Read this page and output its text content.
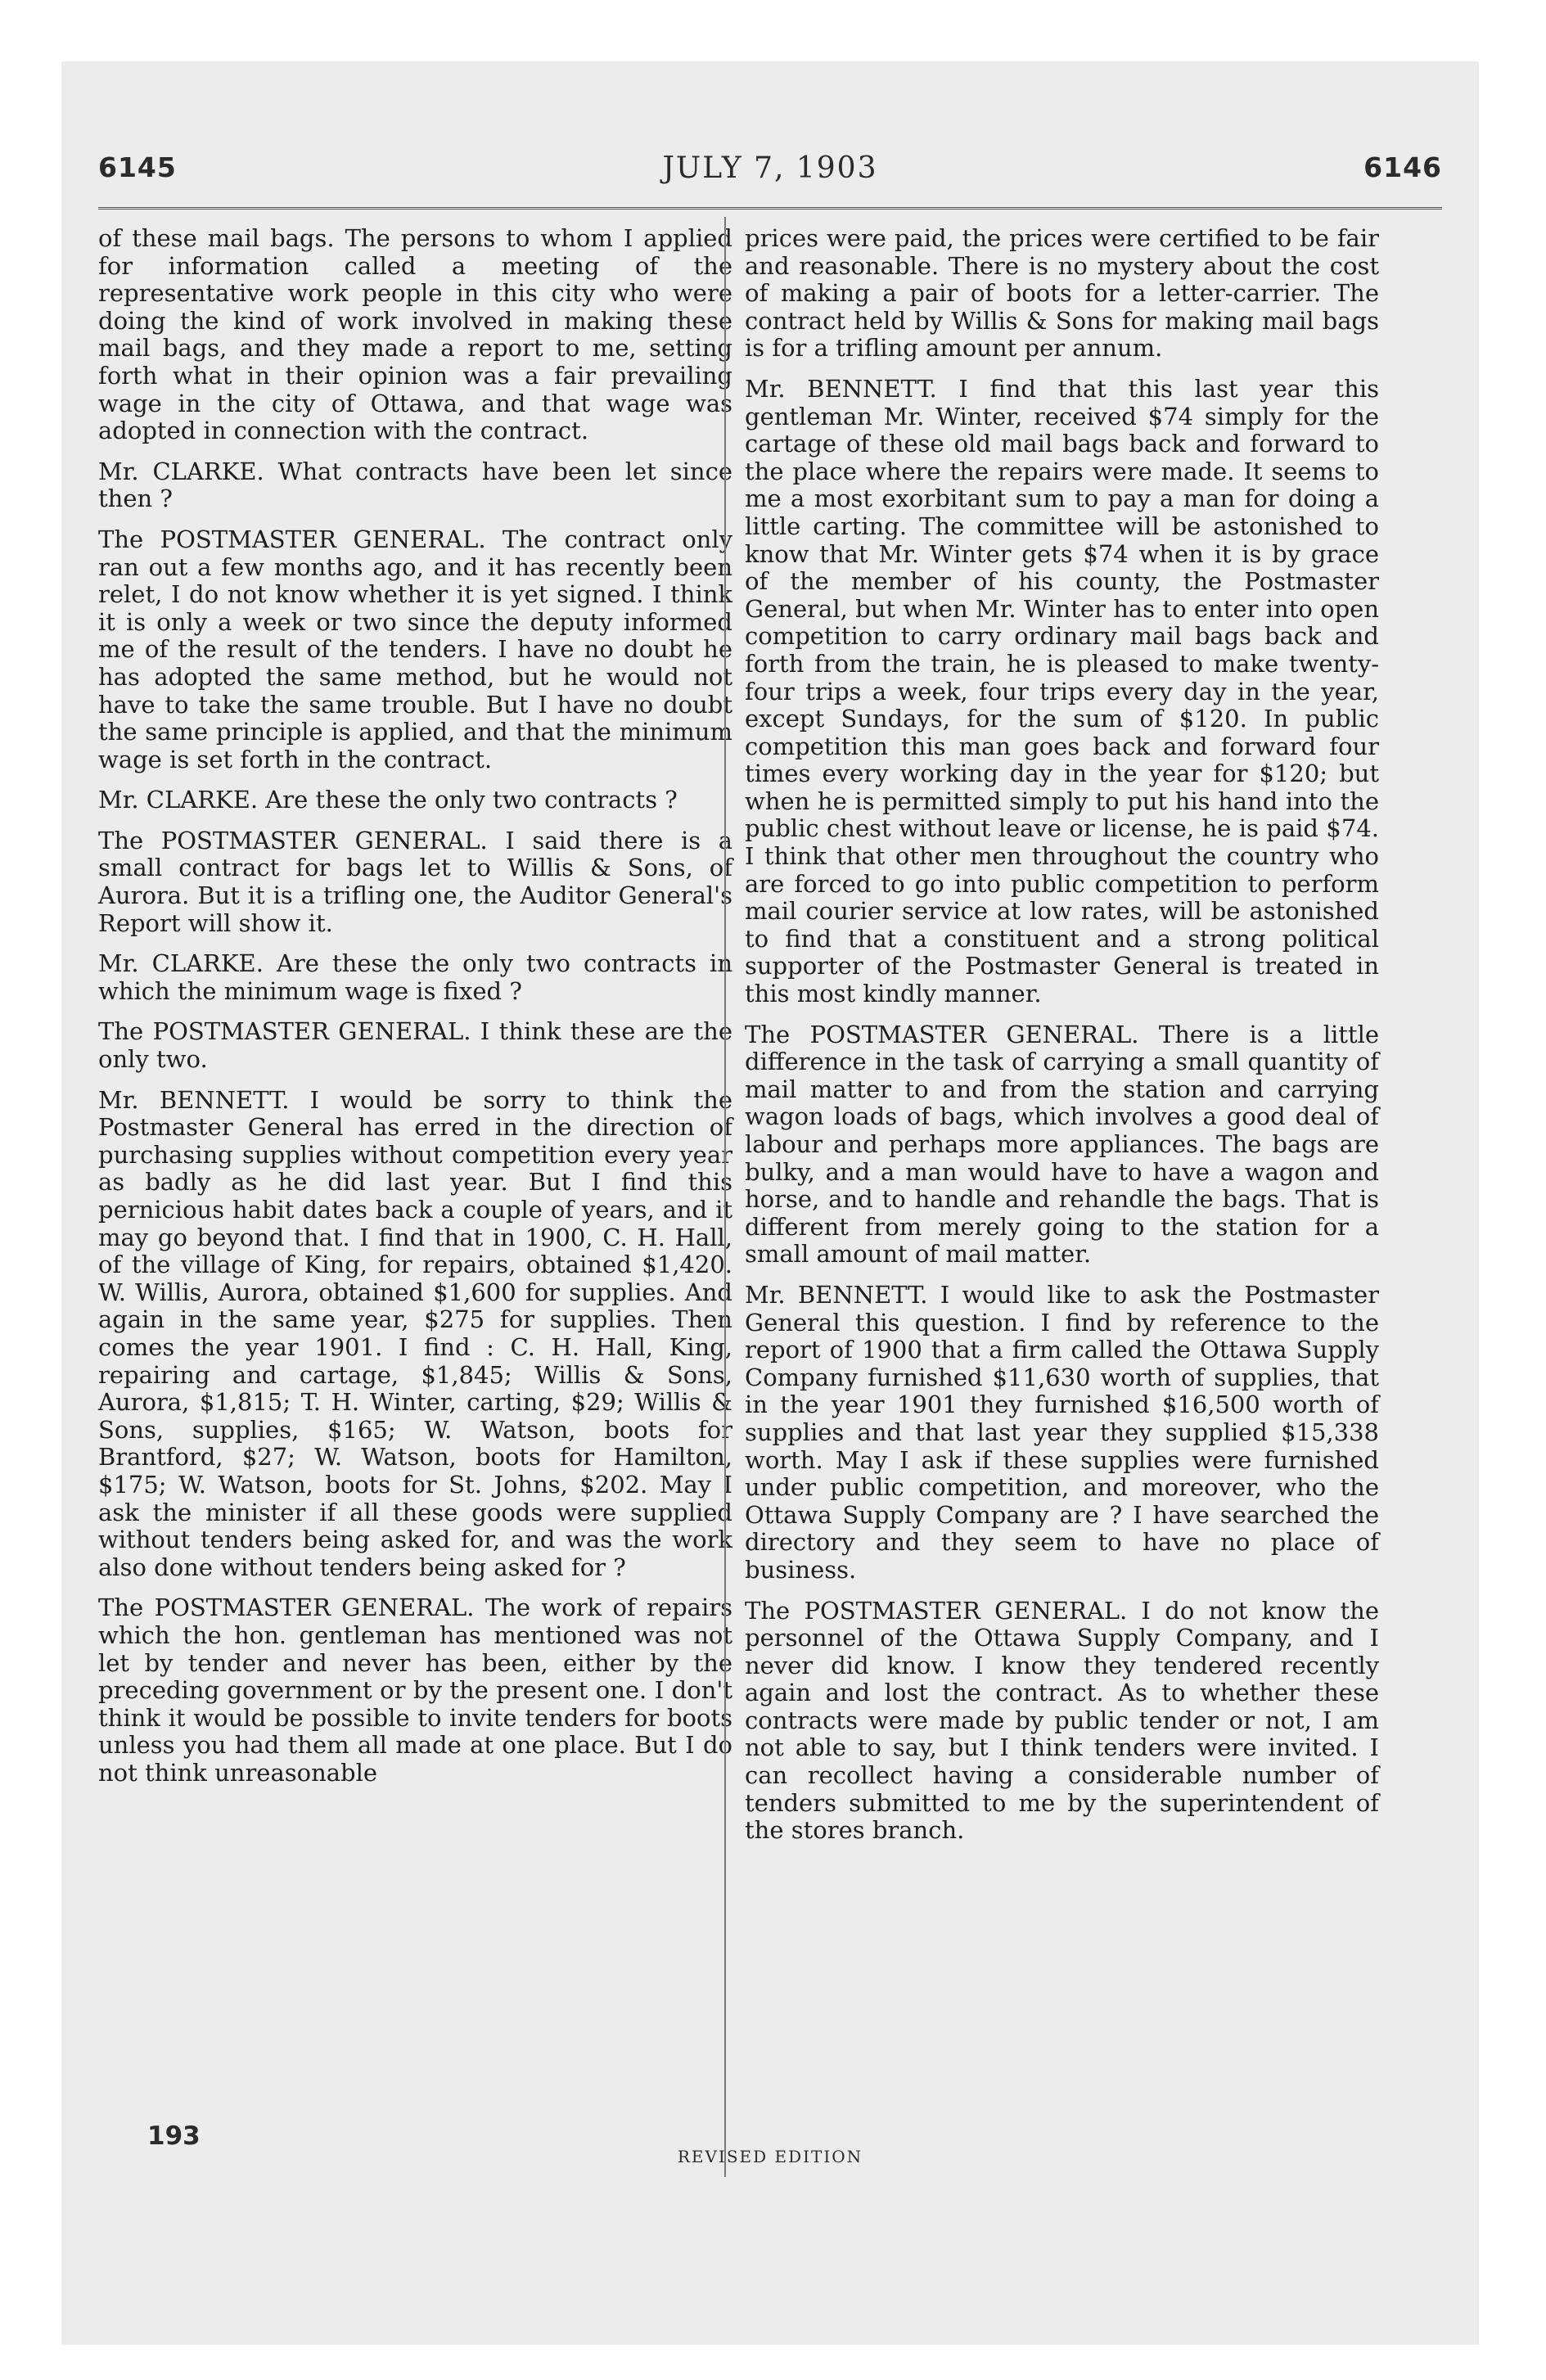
6145	JULY 7, 1903	6146

of these mail bags. The persons to whom I applied for information called a meeting of the representative work people in this city who were doing the kind of work involved in making these mail bags, and they made a report to me, setting forth what in their opinion was a fair prevailing wage in the city of Ottawa, and that wage was adopted in connection with the contract.

Mr. CLARKE. What contracts have been let since then ?

The POSTMASTER GENERAL. The contract only ran out a few months ago, and it has recently been relet, I do not know whether it is yet signed. I think it is only a week or two since the deputy informed me of the result of the tenders. I have no doubt he has adopted the same method, but he would not have to take the same trouble. But I have no doubt the same principle is applied, and that the minimum wage is set forth in the contract.

Mr. CLARKE. Are these the only two contracts ?

The POSTMASTER GENERAL. I said there is a small contract for bags let to Willis & Sons, of Aurora. But it is a trifling one, the Auditor General's Report will show it.

Mr. CLARKE. Are these the only two contracts in which the minimum wage is fixed ?

The POSTMASTER GENERAL. I think these are the only two.

Mr. BENNETT. I would be sorry to think the Postmaster General has erred in the direction of purchasing supplies without competition every year as badly as he did last year. But I find this pernicious habit dates back a couple of years, and it may go beyond that. I find that in 1900, C. H. Hall, of the village of King, for repairs, obtained $1,420. W. Willis, Aurora, obtained $1,600 for supplies. And again in the same year, $275 for supplies. Then comes the year 1901. I find : C. H. Hall, King, repairing and cartage, $1,845; Willis & Sons, Aurora, $1,815; T. H. Winter, carting, $29; Willis & Sons, supplies, $165; W. Watson, boots for Brantford, $27; W. Watson, boots for Hamilton, $175; W. Watson, boots for St. Johns, $202. May I ask the minister if all these goods were supplied without tenders being asked for, and was the work also done without tenders being asked for ?

The POSTMASTER GENERAL. The work of repairs which the hon. gentleman has mentioned was not let by tender and never has been, either by the preceding government or by the present one. I don't think it would be possible to invite tenders for boots unless you had them all made at one place. But I do not think unreasonable

prices were paid, the prices were certified to be fair and reasonable. There is no mystery about the cost of making a pair of boots for a letter-carrier. The contract held by Willis & Sons for making mail bags is for a trifling amount per annum.

Mr. BENNETT. I find that this last year this gentleman Mr. Winter, received $74 simply for the cartage of these old mail bags back and forward to the place where the repairs were made. It seems to me a most exorbitant sum to pay a man for doing a little carting. The committee will be astonished to know that Mr. Winter gets $74 when it is by grace of the member of his county, the Postmaster General, but when Mr. Winter has to enter into open competition to carry ordinary mail bags back and forth from the train, he is pleased to make twenty-four trips a week, four trips every day in the year, except Sundays, for the sum of $120. In public competition this man goes back and forward four times every working day in the year for $120; but when he is permitted simply to put his hand into the public chest without leave or license, he is paid $74. I think that other men throughout the country who are forced to go into public competition to perform mail courier service at low rates, will be astonished to find that a constituent and a strong political supporter of the Postmaster General is treated in this most kindly manner.

The POSTMASTER GENERAL. There is a little difference in the task of carrying a small quantity of mail matter to and from the station and carrying wagon loads of bags, which involves a good deal of labour and perhaps more appliances. The bags are bulky, and a man would have to have a wagon and horse, and to handle and rehandle the bags. That is different from merely going to the station for a small amount of mail matter.

Mr. BENNETT. I would like to ask the Postmaster General this question. I find by reference to the report of 1900 that a firm called the Ottawa Supply Company furnished $11,630 worth of supplies, that in the year 1901 they furnished $16,500 worth of supplies and that last year they supplied $15,338 worth. May I ask if these supplies were furnished under public competition, and moreover, who the Ottawa Supply Company are ? I have searched the directory and they seem to have no place of business.

The POSTMASTER GENERAL. I do not know the personnel of the Ottawa Supply Company, and I never did know. I know they tendered recently again and lost the contract. As to whether these contracts were made by public tender or not, I am not able to say, but I think tenders were invited. I can recollect having a considerable number of tenders submitted to me by the superintendent of the stores branch.

193
REVISED EDITION
